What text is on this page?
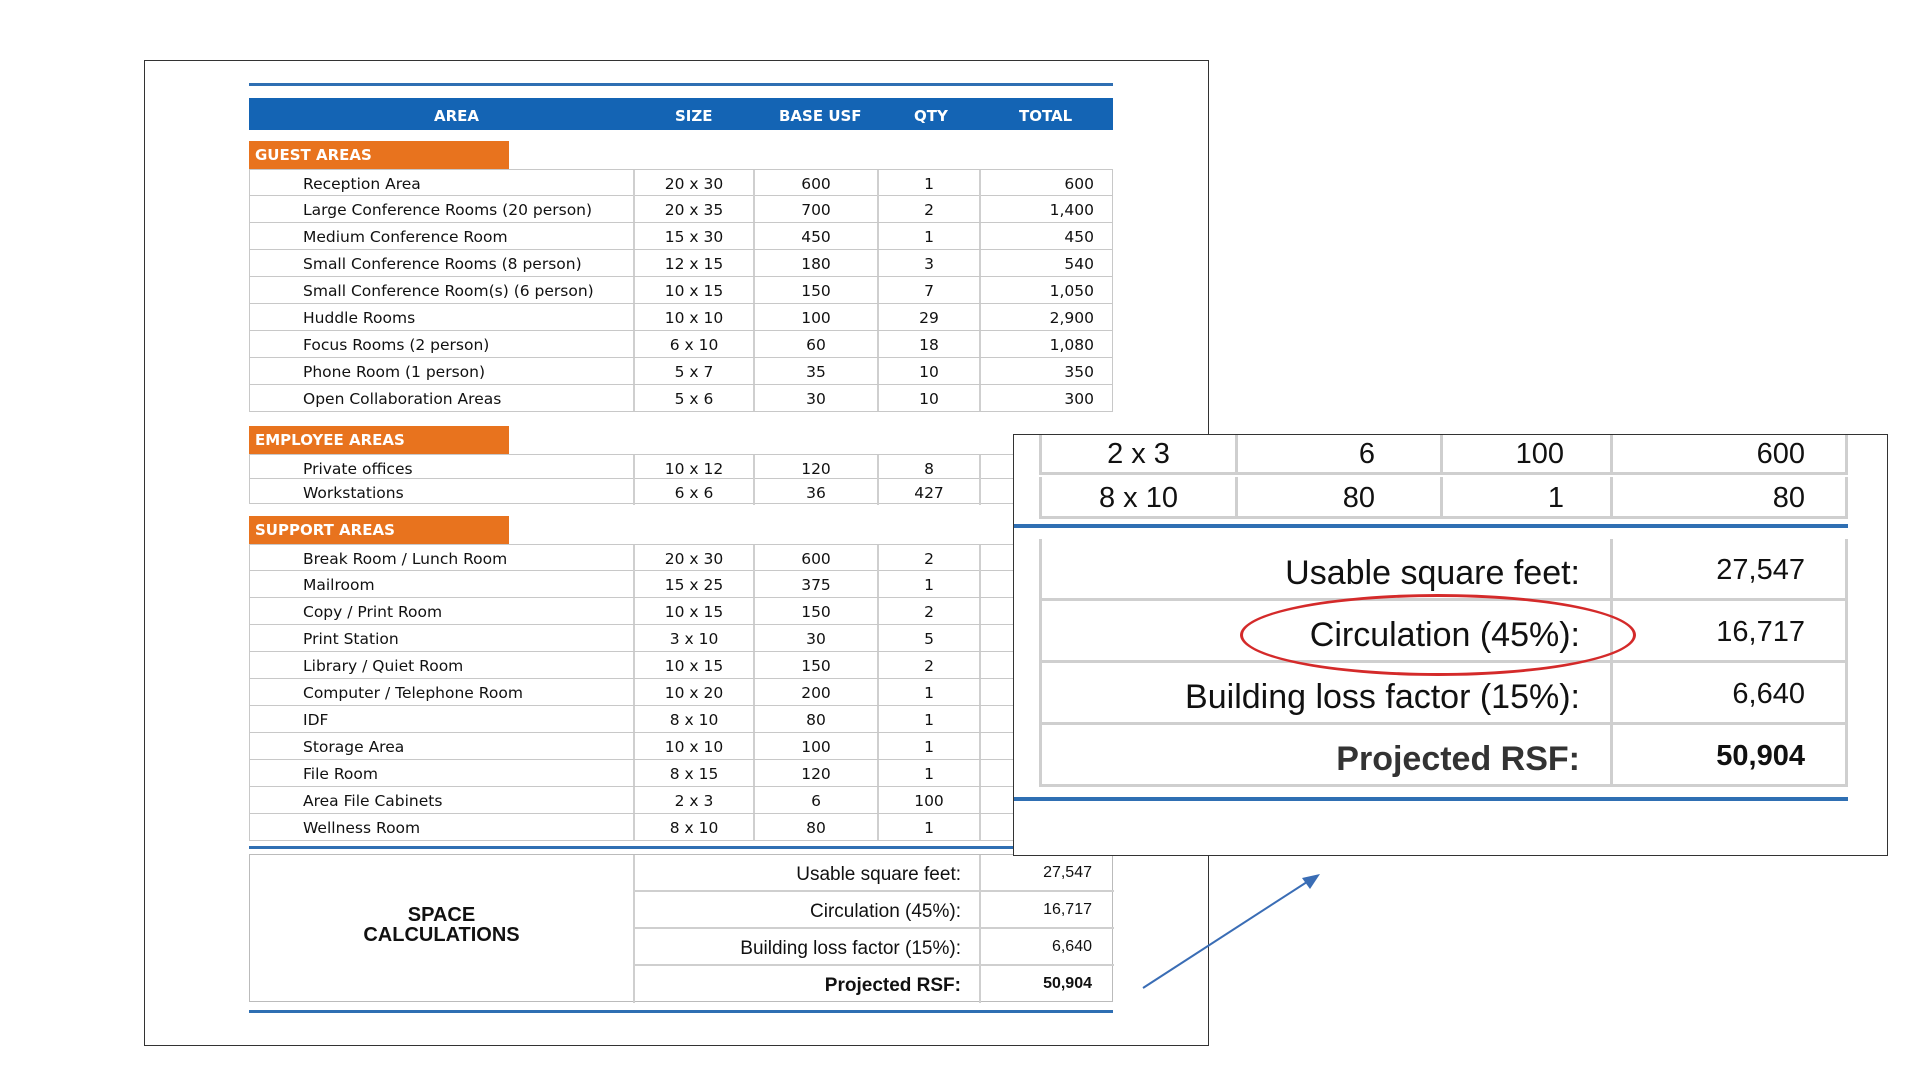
AREA	SIZE	BASE USF	QTY	TOTAL
GUEST AREAS
Reception Area	20 x 30	600	1	600
Large Conference Rooms (20 person)	20 x 35	700	2	1,400
Medium Conference Room	15 x 30	450	1	450
Small Conference Rooms (8 person)	12 x 15	180	3	540
Small Conference Room(s) (6 person)	10 x 15	150	7	1,050
Huddle Rooms	10 x 10	100	29	2,900
Focus Rooms (2 person)	6 x 10	60	18	1,080
Phone Room (1 person)	5 x 7	35	10	350
Open Collaboration Areas	5 x 6	30	10	300
EMPLOYEE AREAS
Private offices	10 x 12	120	8
Workstations	6 x 6	36	427
SUPPORT AREAS
Break Room / Lunch Room	20 x 30	600	2
Mailroom	15 x 25	375	1
Copy / Print Room	10 x 15	150	2
Print Station	3 x 10	30	5
Library / Quiet Room	10 x 15	150	2
Computer / Telephone Room	10 x 20	200	1
IDF	8 x 10	80	1
Storage Area	10 x 10	100	1
File Room	8 x 15	120	1
Area File Cabinets	2 x 3	6	100
Wellness Room	8 x 10	80	1
SPACE
CALCULATIONS
Usable square feet:	27,547
Circulation (45%):	16,717
Building loss factor (15%):	6,640
Projected RSF:	50,904
2 x 3	6	100	600
8 x 10	80	1	80
Usable square feet:	27,547
Circulation (45%):	16,717
Building loss factor (15%):	6,640
Projected RSF:	50,904
